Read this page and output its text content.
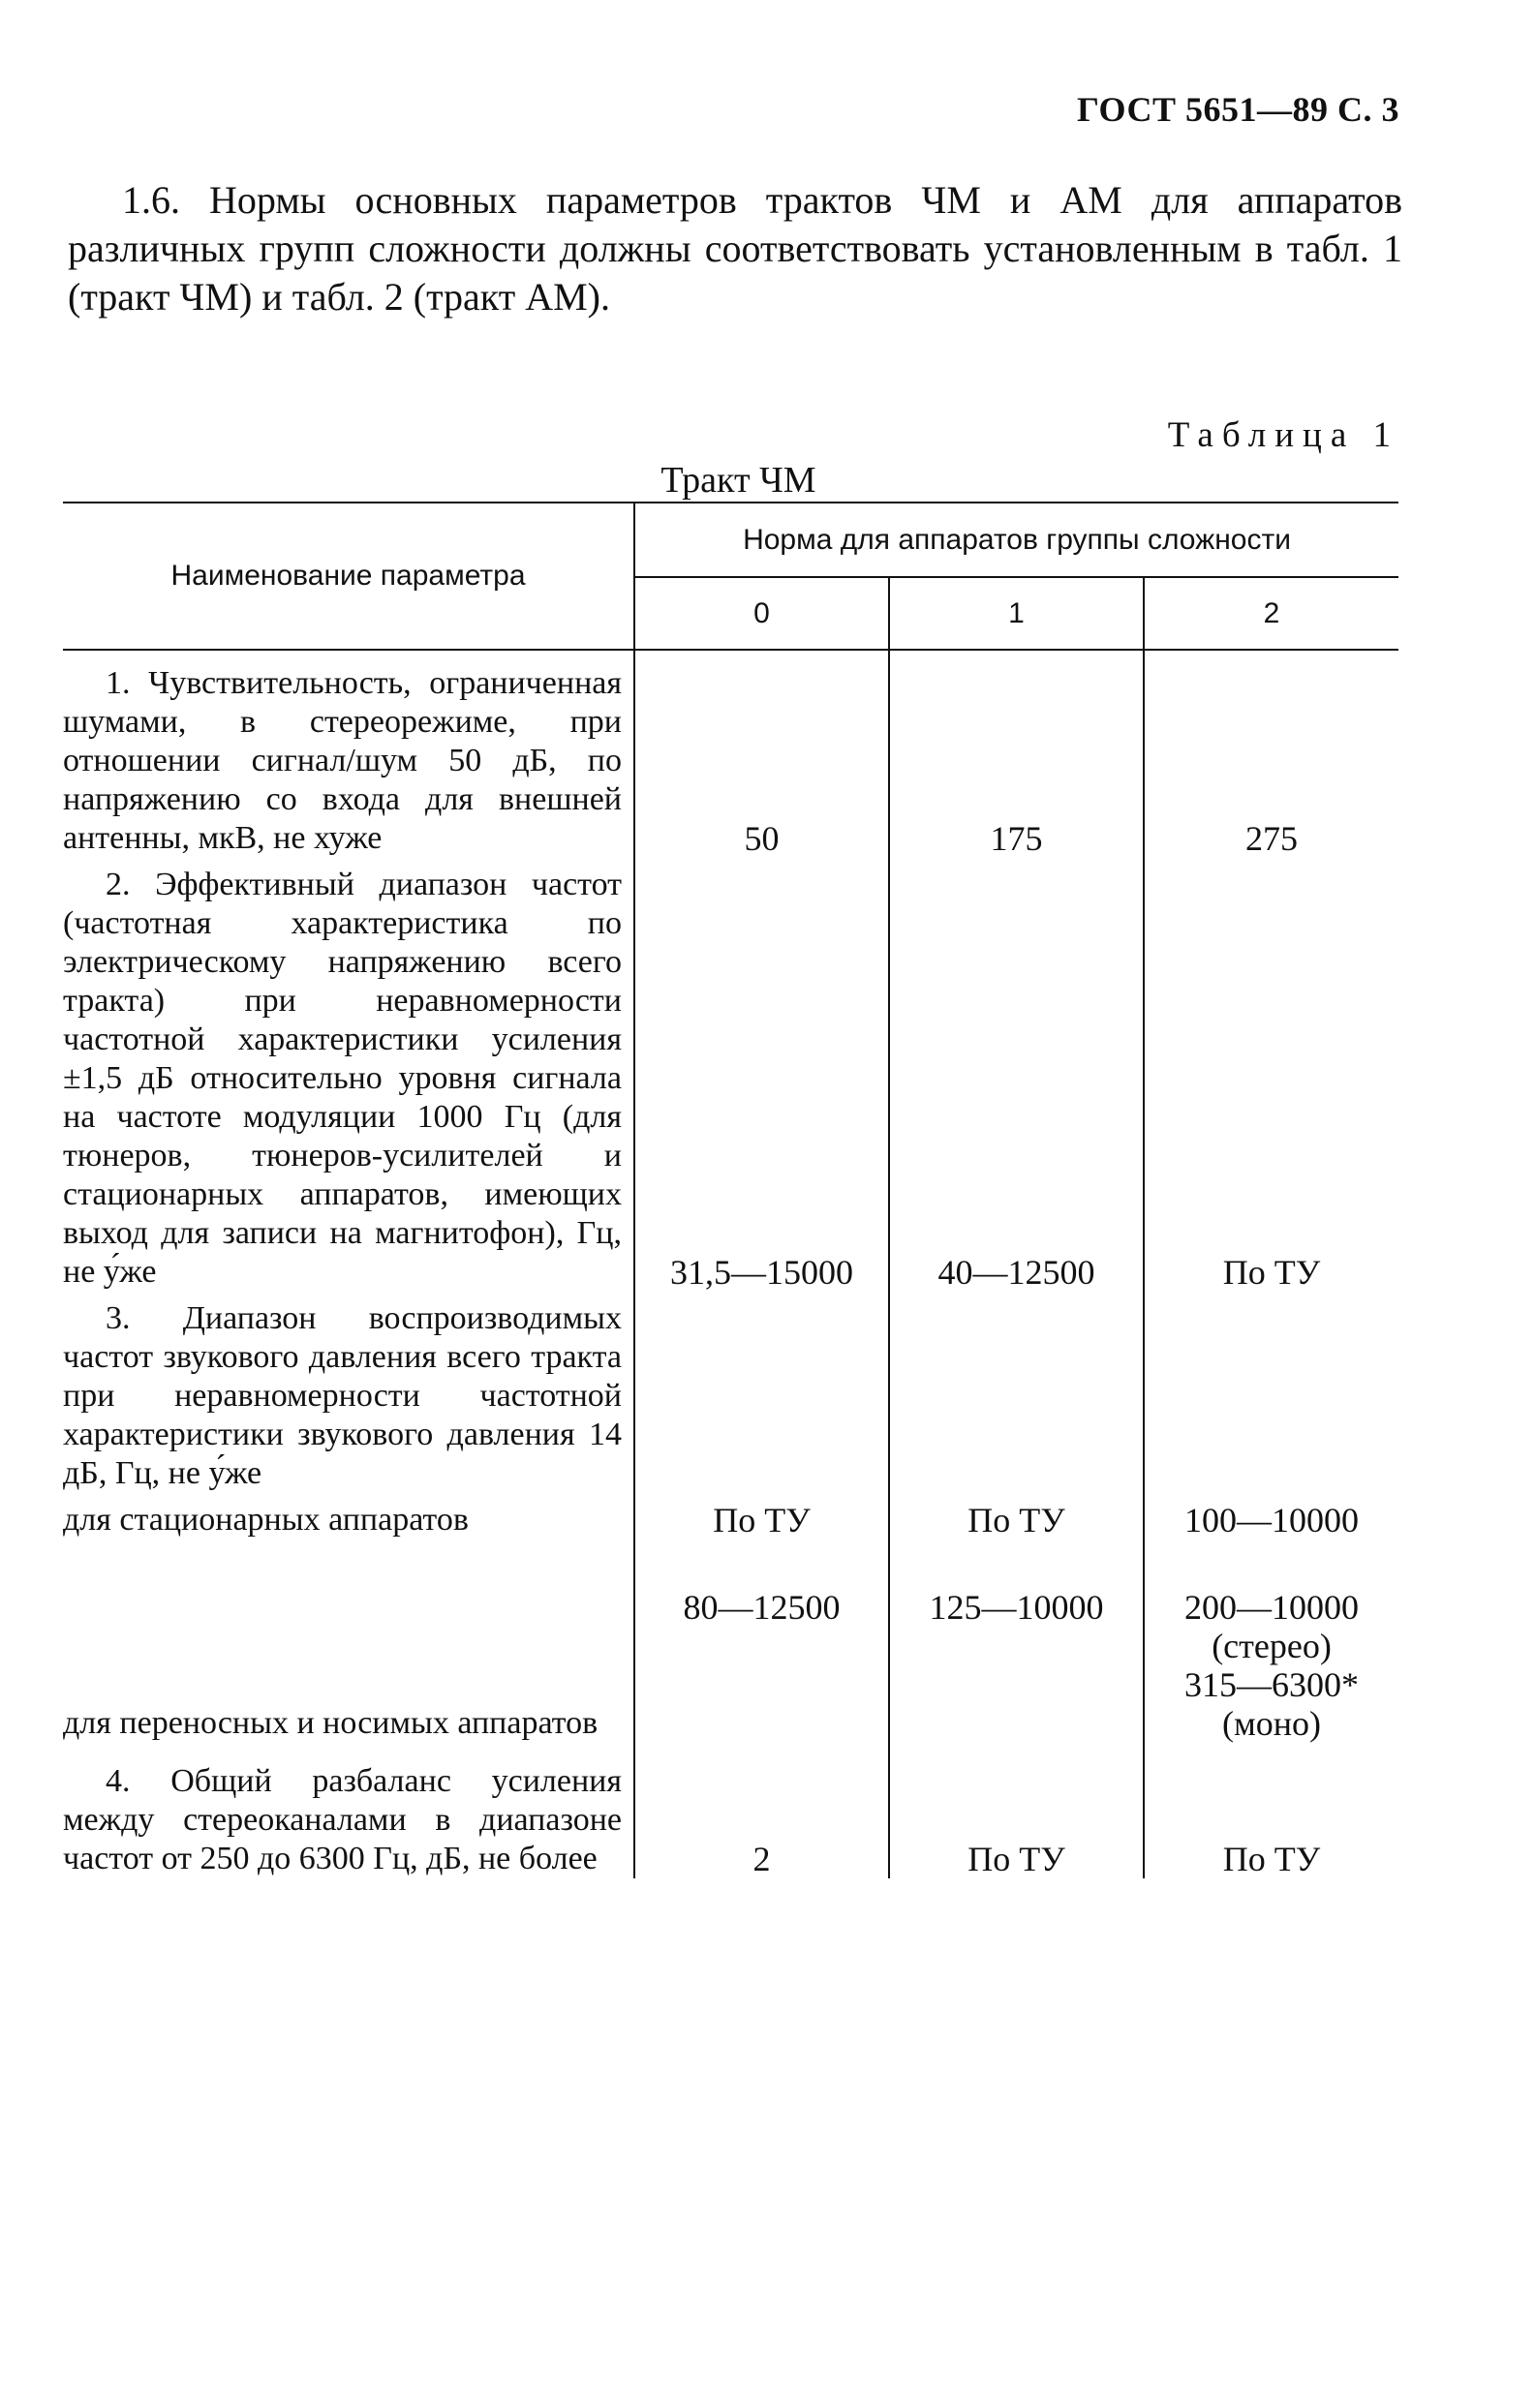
ГОСТ 5651—89 С. 3

1.6. Нормы основных параметров трактов ЧМ и АМ для аппаратов различных групп сложности должны соответствовать установленным в табл. 1 (тракт ЧМ) и табл. 2 (тракт АМ).

Таблица 1
Тракт ЧМ
Наименование параметра	Норма для аппаратов группы сложности		
	0	1	2
1. Чувствительность, ограниченная шумами, в стереорежиме, при отношении сигнал/шум 50 дБ, по напряжению со входа для внешней антенны, мкВ, не хуже	50	175	275
2. Эффективный диапазон частот (частотная характеристика по электрическому напряжению всего тракта) при неравномерности частотной характеристики усиления ±1,5 дБ относительно уровня сигнала на частоте модуляции 1000 Гц (для тюнеров, тюнеров-усилителей и стационарных аппаратов, имеющих выход для записи на магнитофон), Гц, не у́же	31,5—15000	40—12500	По ТУ
3. Диапазон воспроизводимых частот звукового давления всего тракта при неравномерности частотной характеристики звукового давления 14 дБ, Гц, не у́же			
для стационарных аппаратов	По ТУ	По ТУ	100—10000
для переносных и носимых аппаратов	80—12500	125—10000	200—10000
(стерео)
315—6300*
(моно)

4. Общий разбаланс усиления между стереоканалами в диапазоне частот от 250 до 6300 Гц, дБ, не более	2	По ТУ	По ТУ
